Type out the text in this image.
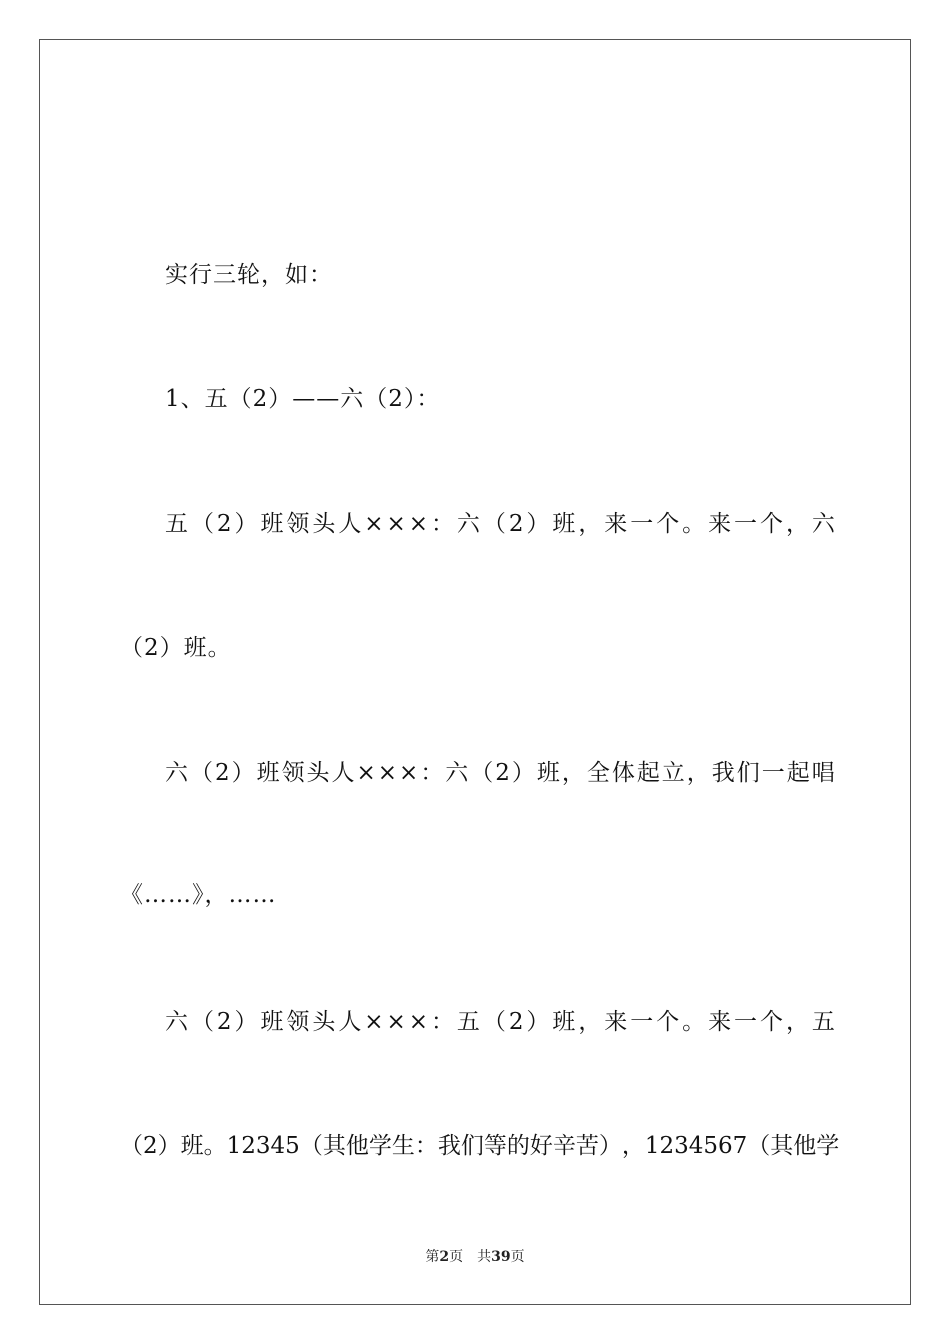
实行三轮，如：
1、五（2）——六（2）：
五 （ 2 ） 班 领 头 人 × × × ： 六 （ 2 ） 班 ， 来 一 个 。 来 一 个 ， 六
（2）班。
六 （ 2 ） 班 领 头 人 × × × ： 六 （ 2 ） 班 ， 全 体 起 立 ， 我 们 一 起 唱
《……》，……
六 （ 2 ） 班 领 头 人 × × × ： 五 （ 2 ） 班 ， 来 一 个 。 来 一 个 ， 五
（ 2 ） 班 。 12345 （ 其 他 学 生 ： 我 们 等 的 好 辛 苦 ） ， 1234567 （ 其 他 学
第2页 共39页
